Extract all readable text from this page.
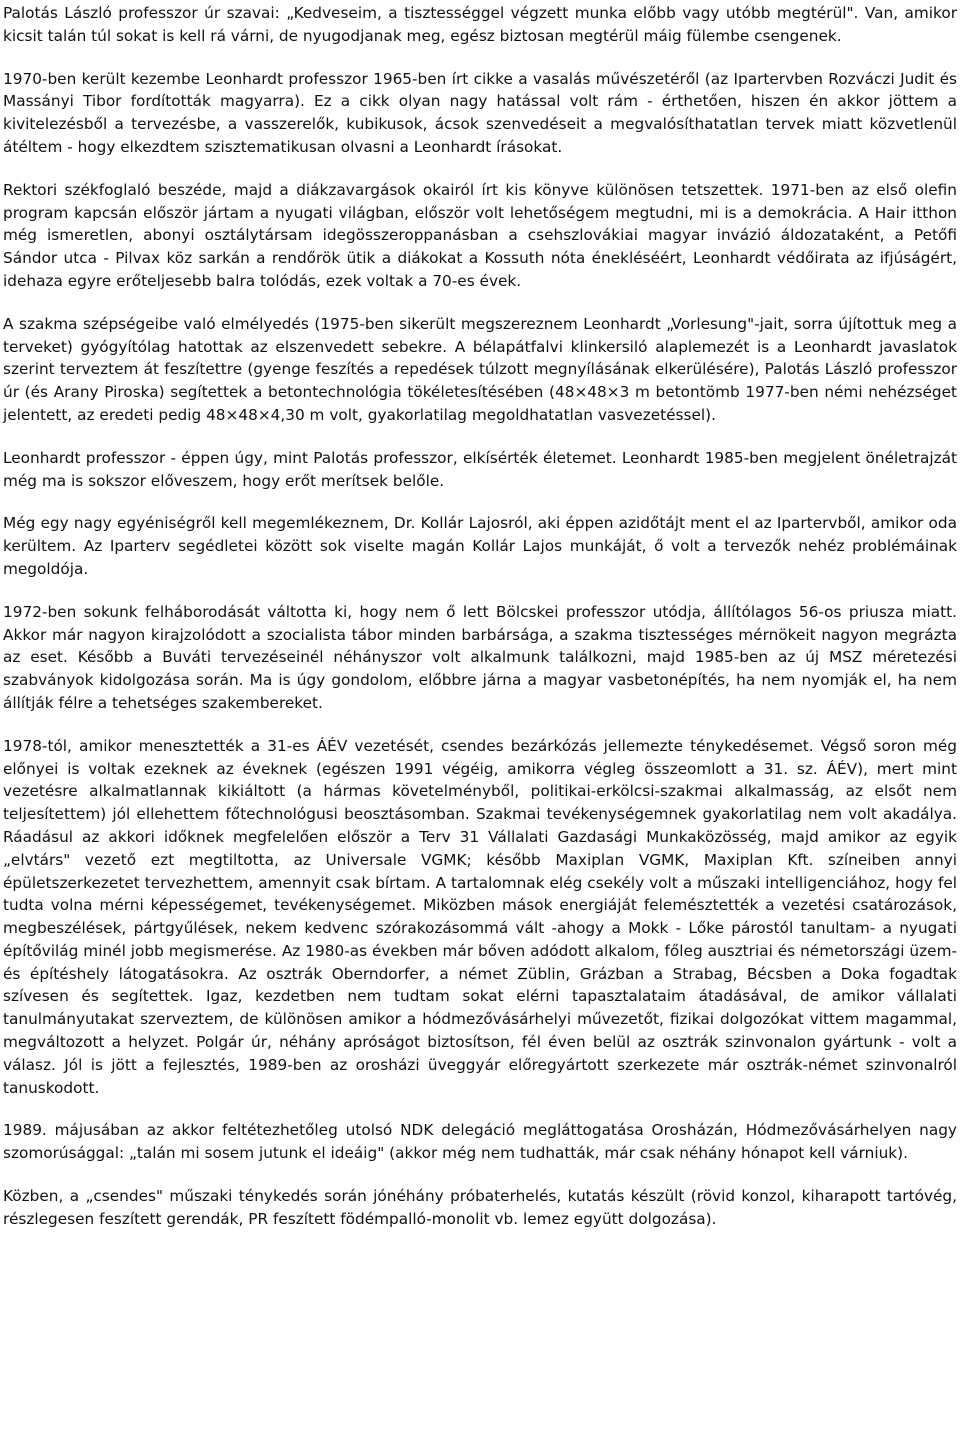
Palotás László professzor úr szavai: „Kedveseim, a tisztességgel végzett munka előbb vagy utóbb megtérül". Van, amikor kicsit talán túl sokat is kell rá várni, de nyugodjanak meg, egész biztosan megtérül máig fülembe csengenek.

1970-ben került kezembe Leonhardt professzor 1965-ben írt cikke a vasalás művészetéről (az Ipartervben Rozváczi Judit és Massányi Tibor fordították magyarra). Ez a cikk olyan nagy hatással volt rám - érthetően, hiszen én akkor jöttem a kivitelezésből a tervezésbe, a vasszerelők, kubikusok, ácsok szenvedéseit a megvalósíthatatlan tervek miatt közvetlenül átéltem - hogy elkezdtem szisztematikusan olvasni a Leonhardt írásokat.

Rektori székfoglaló beszéde, majd a diákzavargások okairól írt kis könyve különösen tetszettek. 1971-ben az első olefin program kapcsán először jártam a nyugati világban, először volt lehetőségem megtudni, mi is a demokrácia. A Hair itthon még ismeretlen, abonyi osztálytársam idegösszeroppanásban a csehszlovákiai magyar invázió áldozataként, a Petőfi Sándor utca - Pilvax köz sarkán a rendőrök ütik a diákokat a Kossuth nóta énekléséért, Leonhardt védőirata az ifjúságért, idehaza egyre erőteljesebb balra tolódás, ezek voltak a 70-es évek.

A szakma szépségeibe való elmélyedés (1975-ben sikerült megszereznem Leonhardt „Vorlesung"-jait, sorra újítottuk meg a terveket) gyógyítólag hatottak az elszenvedett sebekre. A bélapátfalvi klinkersiló alaplemezét is a Leonhardt javaslatok szerint terveztem át feszítettre (gyenge feszítés a repedések túlzott megnyílásának elkerülésére), Palotás László professzor úr (és Arany Piroska) segítettek a betontechnológia tökéletesítésében (48×48×3 m betontömb 1977-ben némi nehézséget jelentett, az eredeti pedig 48×48×4,30 m volt, gyakorlatilag megoldhatatlan vasvezetéssel).

Leonhardt professzor - éppen úgy, mint Palotás professzor, elkísérték életemet. Leonhardt 1985-ben megjelent önéletrajzát még ma is sokszor előveszem, hogy erőt merítsek belőle.

Még egy nagy egyéniségről kell megemlékeznem, Dr. Kollár Lajosról, aki éppen azidőtájt ment el az Ipartervből, amikor oda kerültem. Az Iparterv segédletei között sok viselte magán Kollár Lajos munkáját, ő volt a tervezők nehéz problémáinak megoldója.

1972-ben sokunk felháborodását váltotta ki, hogy nem ő lett Bölcskei professzor utódja, állítólagos 56-os priusza miatt. Akkor már nagyon kirajzolódott a szocialista tábor minden barbársága, a szakma tisztességes mérnökeit nagyon megrázta az eset. Később a Buváti tervezéseinél néhányszor volt alkalmunk találkozni, majd 1985-ben az új MSZ méretezési szabványok kidolgozása során. Ma is úgy gondolom, előbbre járna a magyar vasbetonépítés, ha nem nyomják el, ha nem állítják félre a tehetséges szakembereket.

1978-tól, amikor menesztették a 31-es ÁÉV vezetését, csendes bezárkózás jellemezte ténykedésemet. Végső soron még előnyei is voltak ezeknek az éveknek (egészen 1991 végéig, amikorra végleg összeomlott a 31. sz. ÁÉV), mert mint vezetésre alkalmatlannak kikiáltott (a hármas követelményből, politikai-erkölcsi-szakmai alkalmasság, az elsőt nem teljesítettem) jól ellehettem főtechnológusi beosztásomban. Szakmai tevékenységemnek gyakorlatilag nem volt akadálya. Ráadásul az akkori időknek megfelelően először a Terv 31 Vállalati Gazdasági Munkaközösség, majd amikor az egyik „elvtárs" vezető ezt megtiltotta, az Universale VGMK; később Maxiplan VGMK, Maxiplan Kft. színeiben annyi épületszerkezetet tervezhettem, amennyit csak bírtam. A tartalomnak elég csekély volt a műszaki intelligenciához, hogy fel tudta volna mérni képességemet, tevékenységemet. Miközben mások energiáját felemésztették a vezetési csatározások, megbeszélések, pártgyűlések, nekem kedvenc szórakozásommá vált -ahogy a Mokk - Lőke párostól tanultam- a nyugati építővilág minél jobb megismerése. Az 1980-as években már bőven adódott alkalom, főleg ausztriai és németországi üzem- és építéshely látogatásokra. Az osztrák Oberndorfer, a német Züblin, Grázban a Strabag, Bécsben a Doka fogadtak szívesen és segítettek. Igaz, kezdetben nem tudtam sokat elérni tapasztalataim átadásával, de amikor vállalati tanulmányutakat szerveztem, de különösen amikor a hódmezővásárhelyi művezetőt, fizikai dolgozókat vittem magammal, megváltozott a helyzet. Polgár úr, néhány apróságot biztosítson, fél éven belül az osztrák szinvonalon gyártunk - volt a válasz. Jól is jött a fejlesztés, 1989-ben az orosházi üveggyár előregyártott szerkezete már osztrák-német szinvonalról tanuskodott.

1989. májusában az akkor feltétezhetőleg utolsó NDK delegáció megláttogatása Orosházán, Hódmezővásárhelyen nagy szomorúsággal: „talán mi sosem jutunk el ideáig" (akkor még nem tudhatták, már csak néhány hónapot kell várniuk).

Közben, a „csendes" műszaki ténykedés során jónéhány próbaterhelés, kutatás készült (rövid konzol, kiharapott tartóvég, részlegesen feszített gerendák, PR feszített födémpalló-monolit vb. lemez együtt dolgozása).
